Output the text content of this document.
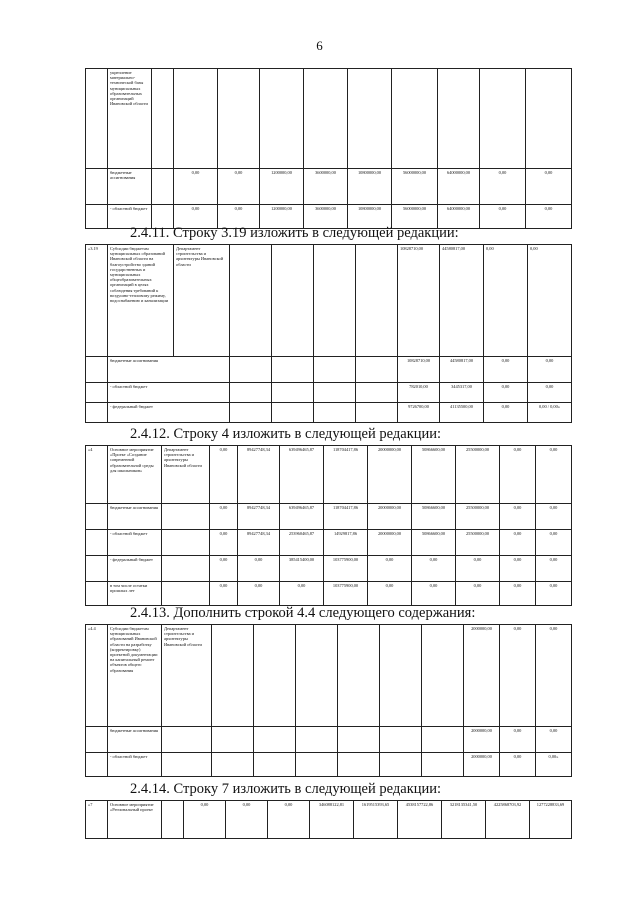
6
	укрепление материально-технической базы муниципальных образовательных организаций Ивановской области										
	бюджетные ассигнования		0,00	0,00	1200000,00	3600000,00	10800000,00	56000000,00	64000000,00	0,00	0,00
	- областной бюджет		0,00	0,00	1200000,00	3600000,00	10800000,00	56000000,00	64000000,00	0,00	0,00
2.4.11. Строку 3.19 изложить в следующей редакции:
«3.19	Субсидии бюджетам муниципальных образований Ивановской области на благоустройство зданий государственных и муниципальных общеобразовательных организаций в целях соблюдения требований к воздушно-тепловому режиму, водоснабжению и канализации	Департамент строительства и архитектуры Ивановской области					10828710,00	44580817,00	0,00	0,00
	бюджетные ассигнования						10828710,00	44580817,00	0,00	0,00
	- областной бюджет						782010,00	3445317,00	0,00	0,00
	- федеральный бюджет						9726700,00	41135500,00	0,00	0,00 / 0,00»
2.4.12. Строку 4 изложить в следующей редакции:
«4	Основное мероприятие «Проект «Создание современной образовательной среды для школьников»	Департамент строительства и архитектуры Ивановской области	0,00	89427748,34	639496465,87	118704417,86	20000000,00	50866600,00	25500000,00	0,00	0,00
	бюджетные ассигнования		0,00	89427748,34	639496465,87	118704417,86	20000000,00	50866600,00	25500000,00	0,00	0,00
	- областной бюджет		0,00	89427748,34	253960465,87	14929817,86	20000000,00	50866600,00	25500000,00	0,00	0,00
	- федеральный бюджет		0,00	0,00	385415400,00	103775900,00	0,00	0,00	0,00	0,00	0,00
	в том числе остатки прошлых лет		0,00	0,00	0,00	103775900,00	0,00	0,00	0,00	0,00	0,00
2.4.13. Дополнить строкой 4.4 следующего содержания:
«4.4	Субсидии бюджетам муниципальных образований Ивановской области на разработку (корректировку) проектной документации на капитальный ремонт объектов общего образования	Департамент строительства и архитектуры Ивановской области							2000000,00	0,00	0,00
	бюджетные ассигнования								2000000,00	0,00	0,00
	- областной бюджет								2000000,00	0,00	0,00»
2.4.14. Строку 7 изложить в следующей редакции:
«7	Основное мероприятие «Региональный проект		0,00	0,00	0,00	346088122,81	1619515393,65	4538157722,86	3218135341,50	4225868703,92	1277228833,69
